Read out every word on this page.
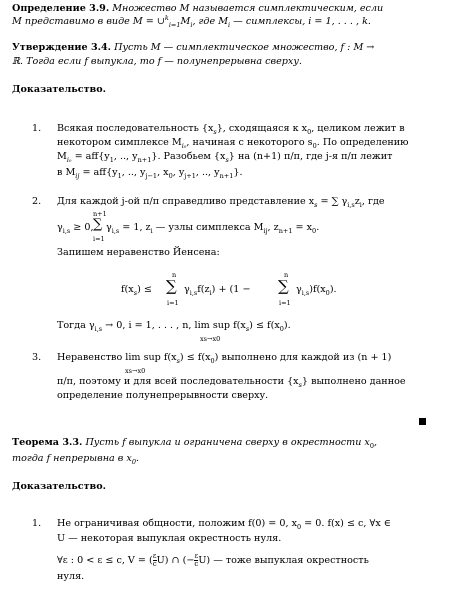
Определение 3.9. Множество M называется симплектическим, если
M представимо в виде $M = \cup^k_{i=1}M_i$, где $M_i$ — симплексы, i = 1, . . . , k.
Утверждение 3.4. Пусть M — симплектическое множество, f : M →
ℝ. Тогда если f выпукла, то f — полунепрерывна сверху.
Доказательство.
1. Всякая последовательность $\{x_s\}$, сходящаяся к $x_0$, целиком лежит в
некотором симплексе $M_{i_0}$, начиная с некоторого $s_0$. По определению
$M_{i_0} = aff\{y_1$, .., $y_{n+1}$}. Разобьем $\{x_s\}$ на (n+1) п/п, где j-я п/п лежит
в $M_{ij} = aff\{y_1$, .., $y_{j-1}$, $x_0$, $y_{j+1}$, .., $y_{n+1}$}.
2. Для каждой j-ой п/п справедливо представление $x_s$ = ∑ $\gamma_{i,s}z_i$, где
$\gamma_{i,s} \ge 0$,
n+1
∑
i=1
$\gamma_{i,s} = 1$, $z_i$ — узлы симплекса $M_{ij}$, $z_{n+1} = x_0$.
Запишем неравенство Йенсена:
$f(x_s)$ ≤
n
∑
i=1
$\gamma_{i,s}f(z_i) + (1$ −
n
∑
i=1
$\gamma_{i,s})f(x_0)$.
Тогда $\gamma_{i,s} \to 0$, i = 1, . . . , n, lim sup $f(x_s) \le f(x_0)$.
xs→x0
3. Неравенство lim sup $f(x_s) \le f(x_0)$ выполнено для каждой из (n + 1)
xs→x0
п/п, поэтому и для всей последовательности $\{x_s\}$ выполнено данное
определение полунепрерывности сверху.
Теорема 3.3. Пусть f выпукла и ограничена сверху в окрестности $x_0$,
тогда f непрерывна в $x_0$.
Доказательство.
1. Не ограничивая общности, положим f(0) = 0, $x_0 = 0$. f(x) ≤ c, ∀x ∈
U — некоторая выпуклая окрестность нуля.
∀ε : 0 < ε ≤ c, V = ( $\frac{\varepsilon}{c} U$) ∩ (− $\frac{\varepsilon}{c} U$) — тоже выпуклая окрестность
нуля.
